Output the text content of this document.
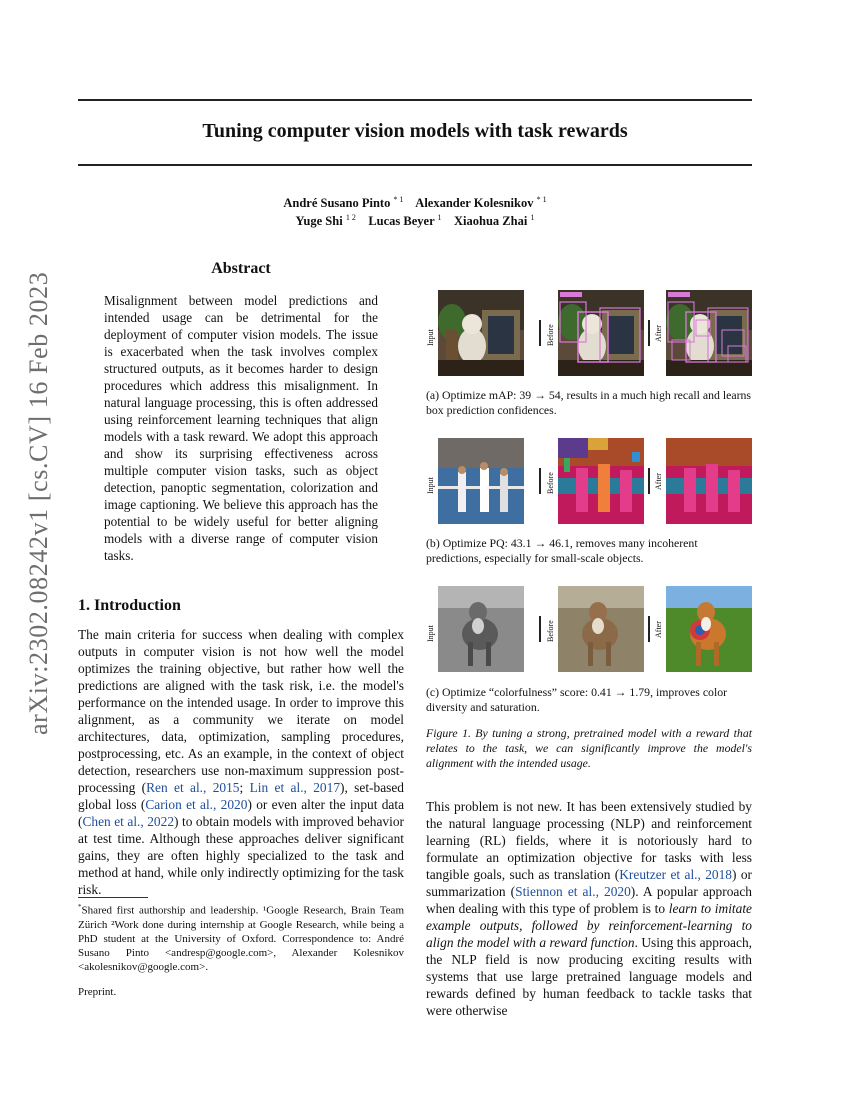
arXiv:2302.08242v1 [cs.CV] 16 Feb 2023
Tuning computer vision models with task rewards
André Susano Pinto $^{* 1}$ Alexander Kolesnikov $^{* 1}$
Yuge Shi $^{1 2}$ Lucas Beyer $^1$ Xiaohua Zhai $^1$
Abstract
Misalignment between model predictions and intended usage can be detrimental for the deployment of computer vision models. The issue is exacerbated when the task involves complex structured outputs, as it becomes harder to design procedures which address this misalignment. In natural language processing, this is often addressed using reinforcement learning techniques that align models with a task reward. We adopt this approach and show its surprising effectiveness across multiple computer vision tasks, such as object detection, panoptic segmentation, colorization and image captioning. We believe this approach has the potential to be widely useful for better aligning models with a diverse range of computer vision tasks.
1. Introduction
The main criteria for success when dealing with complex outputs in computer vision is not how well the model optimizes the training objective, but rather how well the predictions are aligned with the task risk, i.e. the model's performance on the intended usage. In order to improve this alignment, as a community we iterate on model architectures, data, optimization, sampling procedures, postprocessing, etc. As an example, in the context of object detection, researchers use non-maximum suppression post-processing (Ren et al., 2015; Lin et al., 2017), set-based global loss (Carion et al., 2020) or even alter the input data (Chen et al., 2022) to obtain models with improved behavior at test time. Although these approaches deliver significant gains, they are often highly specialized to the task and method at hand, while only indirectly optimizing for the task risk.
*Shared first authorship and leadership. ¹Google Research, Brain Team Zürich ²Work done during internship at Google Research, while being a PhD student at the University of Oxford. Correspondence to: André Susano Pinto <andresp@google.com>, Alexander Kolesnikov <akolesnikov@google.com>.
Preprint.
Input	Before	After
(a) Optimize mAP: 39 → 54, results in a much high recall and learns box prediction confidences.
Input	Before	After
(b) Optimize PQ: 43.1 → 46.1, removes many incoherent predictions, especially for small-scale objects.
Input	Before	After
(c) Optimize “colorfulness” score: 0.41 → 1.79, improves color diversity and saturation.
Figure 1. By tuning a strong, pretrained model with a reward that relates to the task, we can significantly improve the model's alignment with the intended usage.
This problem is not new. It has been extensively studied by the natural language processing (NLP) and reinforcement learning (RL) fields, where it is notoriously hard to formulate an optimization objective for tasks with less tangible goals, such as translation (Kreutzer et al., 2018) or summarization (Stiennon et al., 2020). A popular approach when dealing with this type of problem is to learn to imitate example outputs, followed by reinforcement-learning to align the model with a reward function. Using this approach, the NLP field is now producing exciting results with systems that use large pretrained language models and rewards defined by human feedback to tackle tasks that were otherwise
